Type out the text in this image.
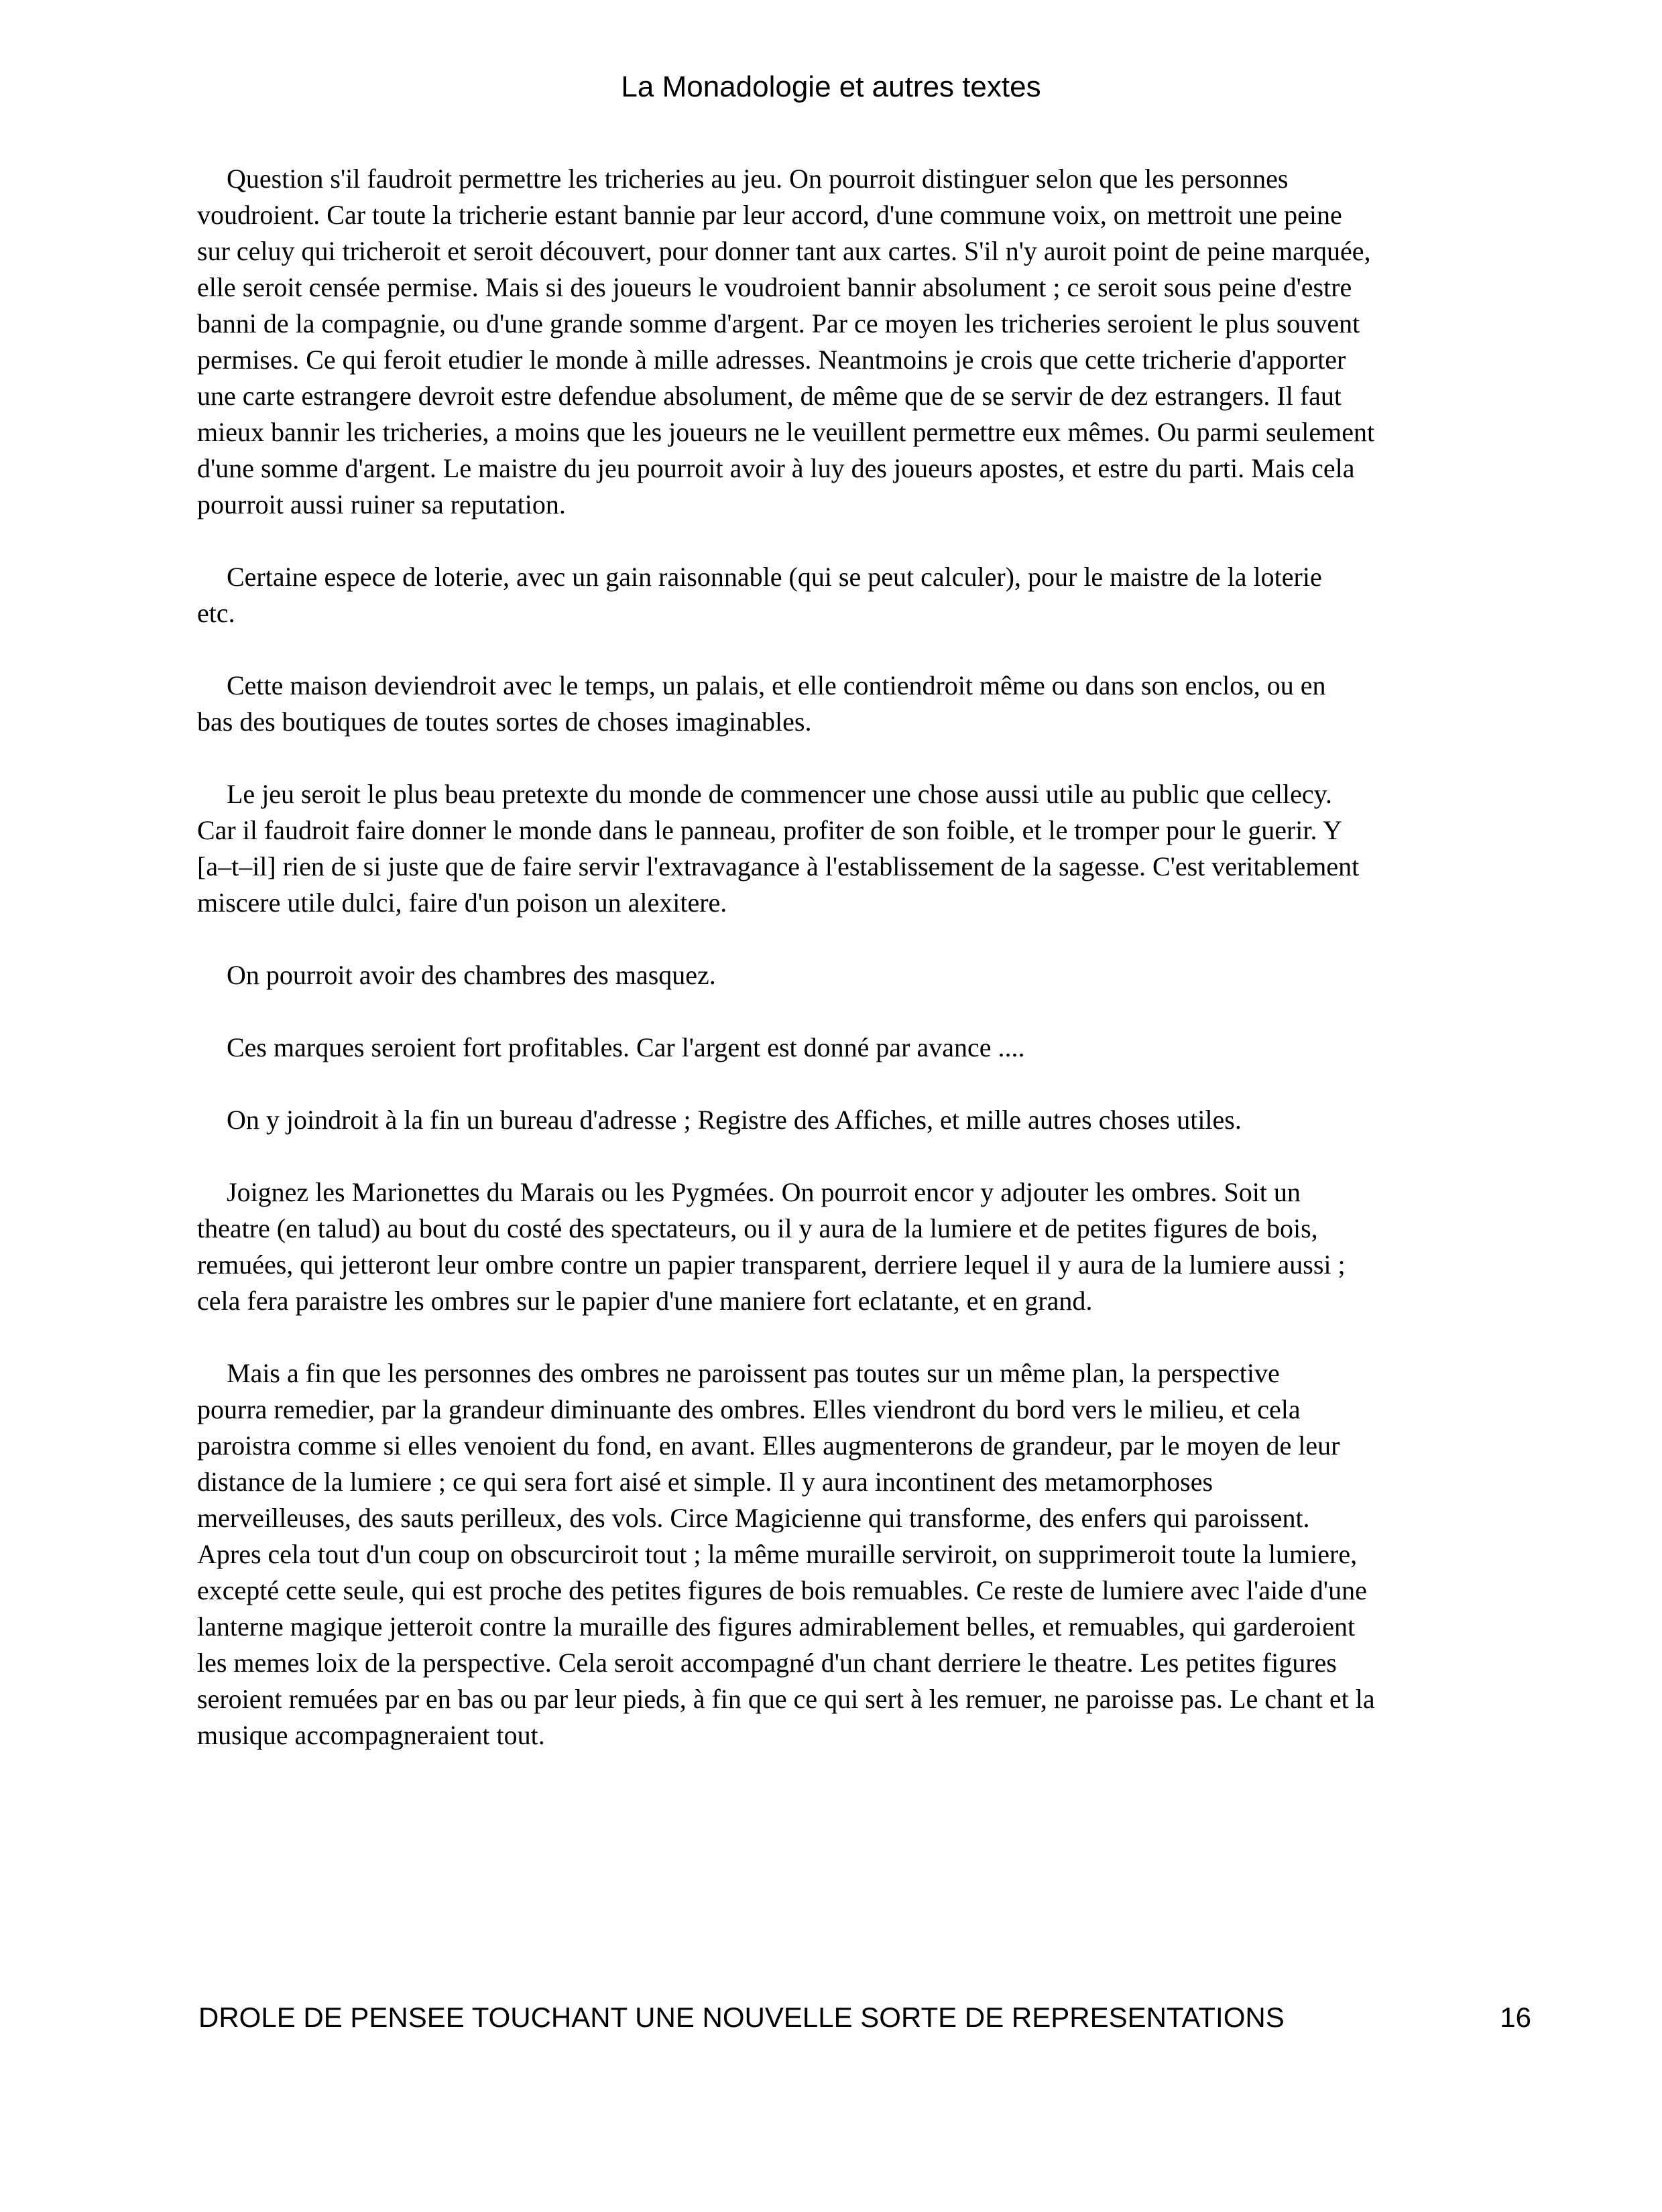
La Monadologie et autres textes

Question s'il faudroit permettre les tricheries au jeu. On pourroit distinguer selon que les personnes
voudroient. Car toute la tricherie estant bannie par leur accord, d'une commune voix, on mettroit une peine
sur celuy qui tricheroit et seroit découvert, pour donner tant aux cartes. S'il n'y auroit point de peine marquée,
elle seroit censée permise. Mais si des joueurs le voudroient bannir absolument ; ce seroit sous peine d'estre
banni de la compagnie, ou d'une grande somme d'argent. Par ce moyen les tricheries seroient le plus souvent
permises. Ce qui feroit etudier le monde à mille adresses. Neantmoins je crois que cette tricherie d'apporter
une carte estrangere devroit estre defendue absolument, de même que de se servir de dez estrangers. Il faut
mieux bannir les tricheries, a moins que les joueurs ne le veuillent permettre eux mêmes. Ou parmi seulement
d'une somme d'argent. Le maistre du jeu pourroit avoir à luy des joueurs apostes, et estre du parti. Mais cela
pourroit aussi ruiner sa reputation.

Certaine espece de loterie, avec un gain raisonnable (qui se peut calculer), pour le maistre de la loterie
etc.

Cette maison deviendroit avec le temps, un palais, et elle contiendroit même ou dans son enclos, ou en
bas des boutiques de toutes sortes de choses imaginables.

Le jeu seroit le plus beau pretexte du monde de commencer une chose aussi utile au public que cellecy.
Car il faudroit faire donner le monde dans le panneau, profiter de son foible, et le tromper pour le guerir. Y
[a–t–il] rien de si juste que de faire servir l'extravagance à l'establissement de la sagesse. C'est veritablement
miscere utile dulci, faire d'un poison un alexitere.

On pourroit avoir des chambres des masquez.

Ces marques seroient fort profitables. Car l'argent est donné par avance ....

On y joindroit à la fin un bureau d'adresse ; Registre des Affiches, et mille autres choses utiles.

Joignez les Marionettes du Marais ou les Pygmées. On pourroit encor y adjouter les ombres. Soit un
theatre (en talud) au bout du costé des spectateurs, ou il y aura de la lumiere et de petites figures de bois,
remuées, qui jetteront leur ombre contre un papier transparent, derriere lequel il y aura de la lumiere aussi ;
cela fera paraistre les ombres sur le papier d'une maniere fort eclatante, et en grand.

Mais a fin que les personnes des ombres ne paroissent pas toutes sur un même plan, la perspective
pourra remedier, par la grandeur diminuante des ombres. Elles viendront du bord vers le milieu, et cela
paroistra comme si elles venoient du fond, en avant. Elles augmenterons de grandeur, par le moyen de leur
distance de la lumiere ; ce qui sera fort aisé et simple. Il y aura incontinent des metamorphoses
merveilleuses, des sauts perilleux, des vols. Circe Magicienne qui transforme, des enfers qui paroissent.
Apres cela tout d'un coup on obscurciroit tout ; la même muraille serviroit, on supprimeroit toute la lumiere,
excepté cette seule, qui est proche des petites figures de bois remuables. Ce reste de lumiere avec l'aide d'une
lanterne magique jetteroit contre la muraille des figures admirablement belles, et remuables, qui garderoient
les memes loix de la perspective. Cela seroit accompagné d'un chant derriere le theatre. Les petites figures
seroient remuées par en bas ou par leur pieds, à fin que ce qui sert à les remuer, ne paroisse pas. Le chant et la
musique accompagneraient tout.

DROLE DE PENSEE TOUCHANT UNE NOUVELLE SORTE DE REPRESENTATIONS	16
